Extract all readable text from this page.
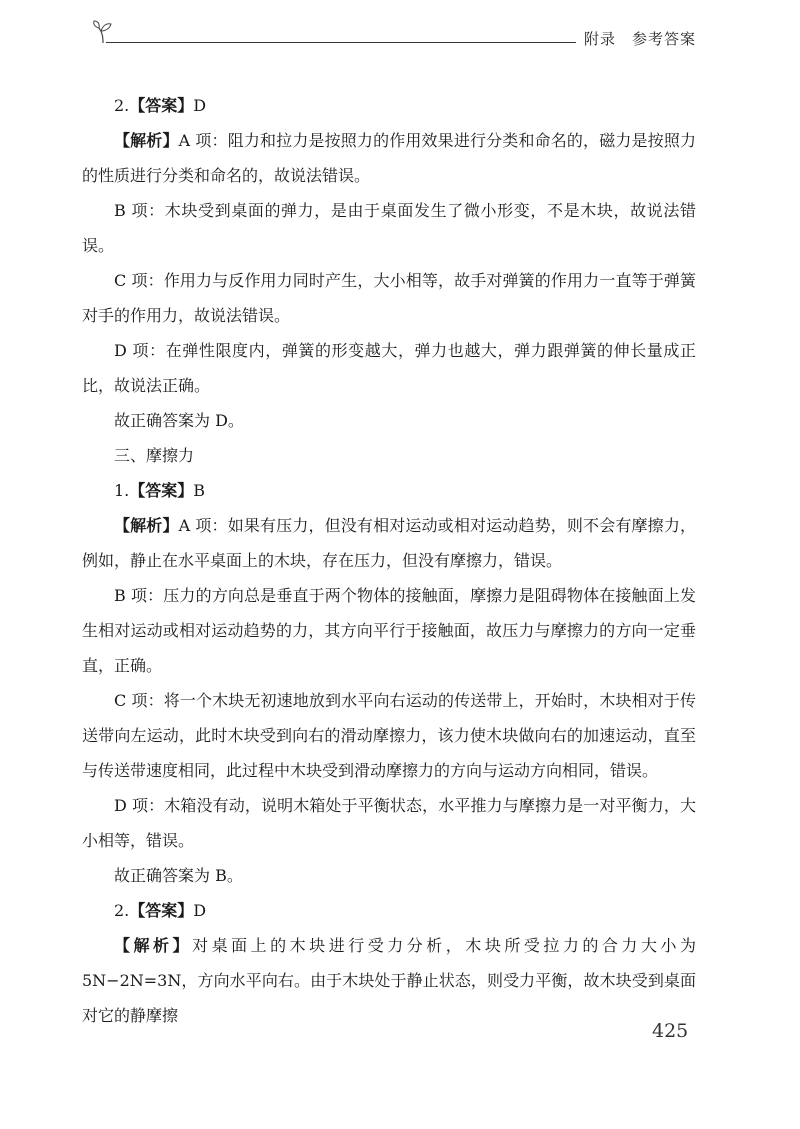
附录　参考答案

2.【答案】D

【解析】A 项：阻力和拉力是按照力的作用效果进行分类和命名的，磁力是按照力的性质进行分类和命名的，故说法错误。

B 项：木块受到桌面的弹力，是由于桌面发生了微小形变，不是木块，故说法错误。

C 项：作用力与反作用力同时产生，大小相等，故手对弹簧的作用力一直等于弹簧对手的作用力，故说法错误。

D 项：在弹性限度内，弹簧的形变越大，弹力也越大，弹力跟弹簧的伸长量成正比，故说法正确。

故正确答案为 D。

三、摩擦力

1.【答案】B

【解析】A 项：如果有压力，但没有相对运动或相对运动趋势，则不会有摩擦力，例如，静止在水平桌面上的木块，存在压力，但没有摩擦力，错误。

B 项：压力的方向总是垂直于两个物体的接触面，摩擦力是阻碍物体在接触面上发生相对运动或相对运动趋势的力，其方向平行于接触面，故压力与摩擦力的方向一定垂直，正确。

C 项：将一个木块无初速地放到水平向右运动的传送带上，开始时，木块相对于传送带向左运动，此时木块受到向右的滑动摩擦力，该力使木块做向右的加速运动，直至与传送带速度相同，此过程中木块受到滑动摩擦力的方向与运动方向相同，错误。

D 项：木箱没有动，说明木箱处于平衡状态，水平推力与摩擦力是一对平衡力，大小相等，错误。

故正确答案为 B。

2.【答案】D

【解析】对桌面上的木块进行受力分析，木块所受拉力的合力大小为 5N−2N=3N，方向水平向右。由于木块处于静止状态，则受力平衡，故木块受到桌面对它的静摩擦

425
